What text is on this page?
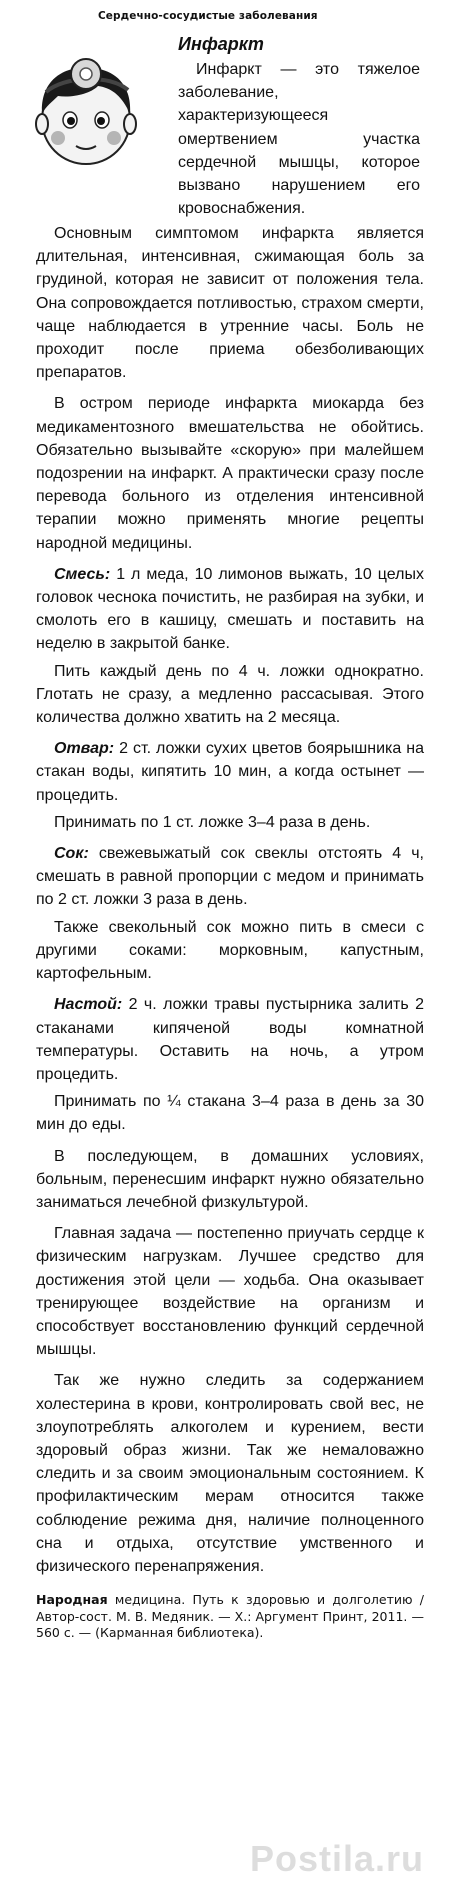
Сердечно-сосудистые заболевания
Инфаркт
Инфаркт — это тяжелое заболевание, характеризующееся омертвением участка сердечной мышцы, которое вызвано нарушением его кровоснабжения.

Основным симптомом инфаркта является длительная, интенсивная, сжимающая боль за грудиной, которая не зависит от положения тела. Она сопровождается потливостью, страхом смерти, чаще наблюдается в утренние часы. Боль не проходит после приема обезболивающих препаратов.

В остром периоде инфаркта миокарда без медикаментозного вмешательства не обойтись. Обязательно вызывайте «скорую» при малейшем подозрении на инфаркт. А практически сразу после перевода больного из отделения интенсивной терапии можно применять многие рецепты народной медицины.

Смесь: 1 л меда, 10 лимонов выжать, 10 целых головок чеснока почистить, не разбирая на зубки, и смолоть его в кашицу, смешать и поставить на неделю в закрытой банке.

Пить каждый день по 4 ч. ложки однократно. Глотать не сразу, а медленно рассасывая. Этого количества должно хватить на 2 месяца.

Отвар: 2 ст. ложки сухих цветов боярышника на стакан воды, кипятить 10 мин, а когда остынет — процедить.

Принимать по 1 ст. ложке 3–4 раза в день.

Сок: свежевыжатый сок свеклы отстоять 4 ч, смешать в равной пропорции с медом и принимать по 2 ст. ложки 3 раза в день.

Также свекольный сок можно пить в смеси с другими соками: морковным, капустным, картофельным.

Настой: 2 ч. ложки травы пустырника залить 2 стаканами кипяченой воды комнатной температуры. Оставить на ночь, а утром процедить.

Принимать по ¼ стакана 3–4 раза в день за 30 мин до еды.

В последующем, в домашних условиях, больным, перенесшим инфаркт нужно обязательно заниматься лечебной физкультурой.

Главная задача — постепенно приучать сердце к физическим нагрузкам. Лучшее средство для достижения этой цели — ходьба. Она оказывает тренирующее воздействие на организм и способствует восстановлению функций сердечной мышцы.

Так же нужно следить за содержанием холестерина в крови, контролировать свой вес, не злоупотреблять алкоголем и курением, вести здоровый образ жизни. Так же немаловажно следить и за своим эмоциональным состоянием. К профилактическим мерам относится также соблюдение режима дня, наличие полноценного сна и отдыха, отсутствие умственного и физического перенапряжения.

Народная медицина. Путь к здоровью и долголетию / Автор-сост. М. В. Медяник. — Х.: Аргумент Принт, 2011. — 560 с. — (Карманная библиотека).
Postila.ru
